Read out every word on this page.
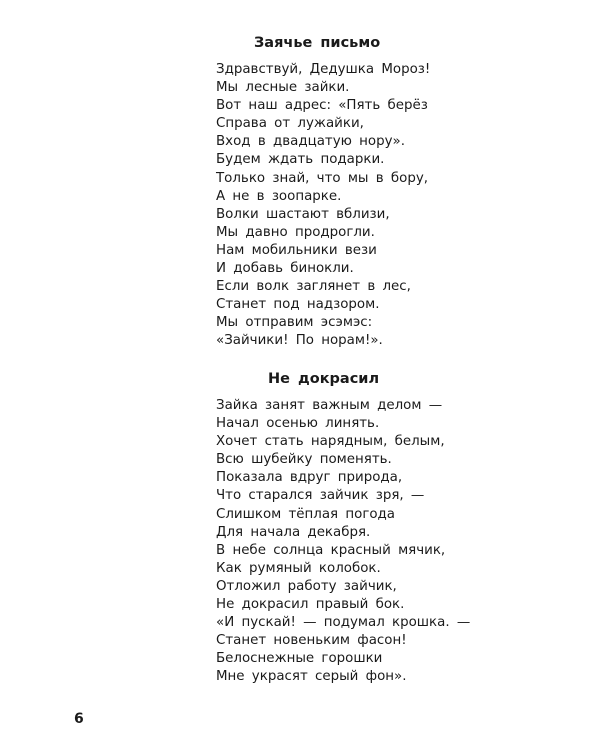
Заячье письмо
Здравствуй, Дедушка Мороз!
Мы лесные зайки.
Вот наш адрес: «Пять берёз
Справа от лужайки,
Вход в двадцатую нору».
Будем ждать подарки.
Только знай, что мы в бору,
А не в зоопарке.
Волки шастают вблизи,
Мы давно продрогли.
Нам мобильники вези
И добавь бинокли.
Если волк заглянет в лес,
Станет под надзором.
Мы отправим эсэмэс:
«Зайчики! По норам!».
Не докрасил
Зайка занят важным делом —
Начал осенью линять.
Хочет стать нарядным, белым,
Всю шубейку поменять.
Показала вдруг природа,
Что старался зайчик зря, —
Слишком тёплая погода
Для начала декабря.
В небе солнца красный мячик,
Как румяный колобок.
Отложил работу зайчик,
Не докрасил правый бок.
«И пускай! — подумал крошка. —
Станет новеньким фасон!
Белоснежные горошки
Мне украсят серый фон».
6
